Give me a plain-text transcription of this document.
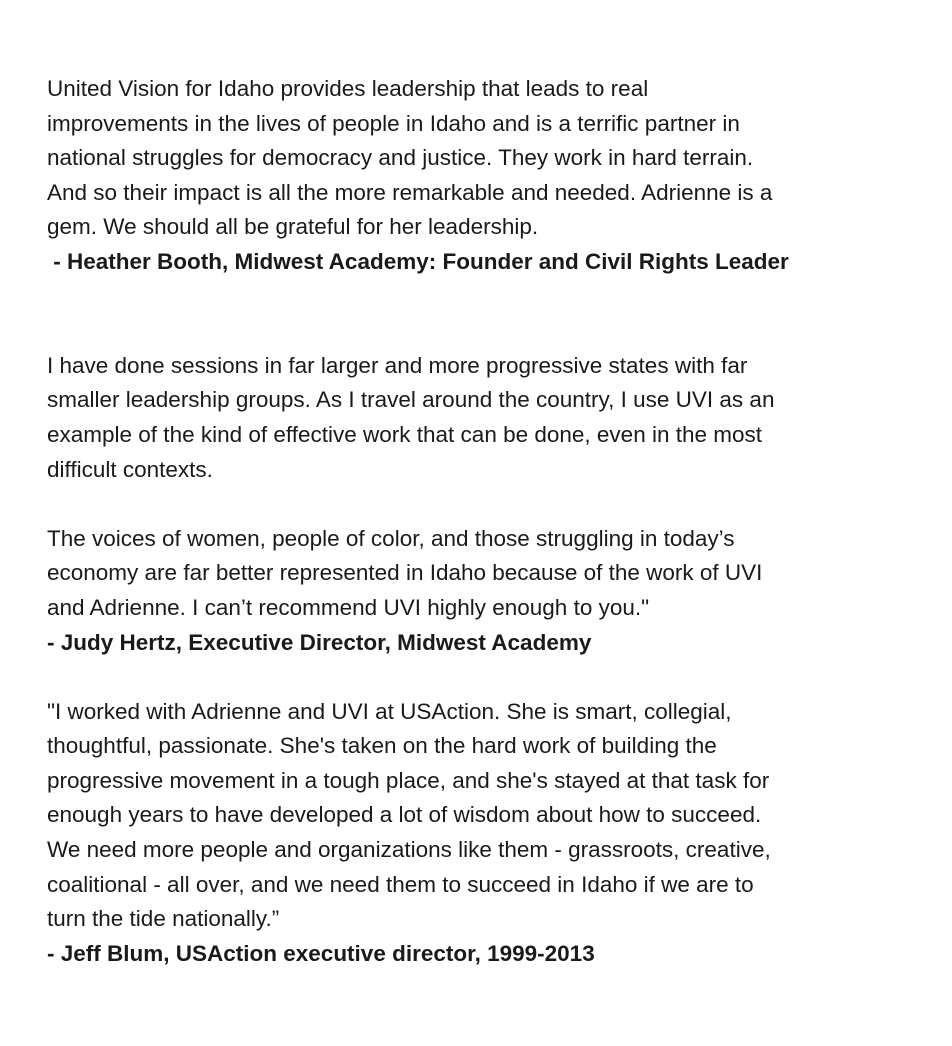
United Vision for Idaho provides leadership that leads to real
improvements in the lives of people in Idaho and is a terrific partner in
national struggles for democracy and justice. They work in hard terrain.
And so their impact is all the more remarkable and needed. Adrienne is a
gem. We should all be grateful for her leadership.

- Heather Booth, Midwest Academy: Founder and Civil Rights Leader

I have done sessions in far larger and more progressive states with far
smaller leadership groups. As I travel around the country, I use UVI as an
example of the kind of effective work that can be done, even in the most
difficult contexts.

The voices of women, people of color, and those struggling in today’s
economy are far better represented in Idaho because of the work of UVI
and Adrienne. I can’t recommend UVI highly enough to you."

- Judy Hertz, Executive Director, Midwest Academy

"I worked with Adrienne and UVI at USAction. She is smart, collegial,
thoughtful, passionate. She's taken on the hard work of building the
progressive movement in a tough place, and she's stayed at that task for
enough years to have developed a lot of wisdom about how to succeed.
We need more people and organizations like them - grassroots, creative,
coalitional - all over, and we need them to succeed in Idaho if we are to
turn the tide nationally.”

- Jeff Blum, USAction executive director, 1999-2013
